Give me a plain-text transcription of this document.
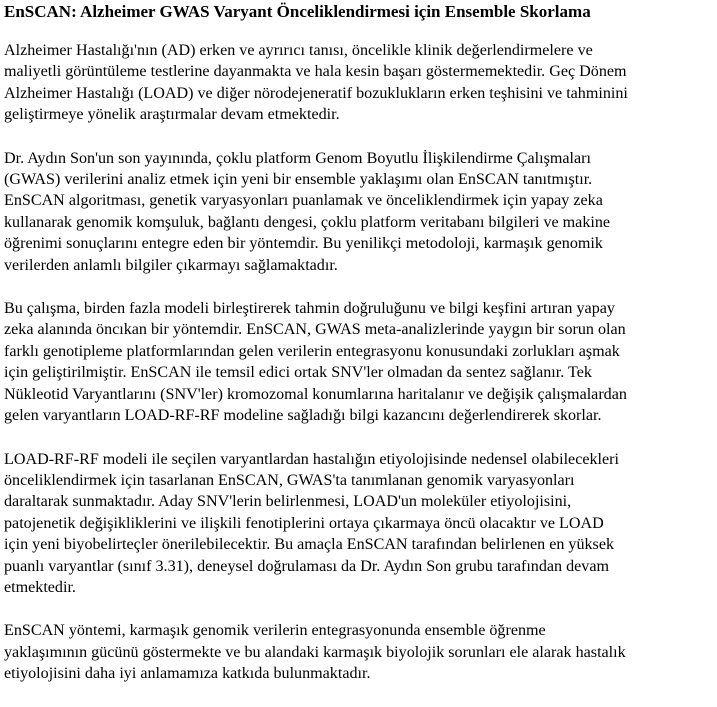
EnSCAN: Alzheimer GWAS Varyant Önceliklendirmesi için Ensemble Skorlama
Alzheimer Hastalığı'nın (AD) erken ve ayrırıcı tanısı, öncelikle klinik değerlendirmelere ve
maliyetli görüntüleme testlerine dayanmakta ve hala kesin başarı göstermemektedir. Geç Dönem
Alzheimer Hastalığı (LOAD) ve diğer nörodejeneratif bozuklukların erken teşhisini ve tahminini
geliştirmeye yönelik araştırmalar devam etmektedir.
Dr. Aydın Son'un son yayınında, çoklu platform Genom Boyutlu İlişkilendirme Çalışmaları
(GWAS) verilerini analiz etmek için yeni bir ensemble yaklaşımı olan EnSCAN tanıtmıştır.
EnSCAN algoritması, genetik varyasyonları puanlamak ve önceliklendirmek için yapay zeka
kullanarak genomik komşuluk, bağlantı dengesi, çoklu platform veritabanı bilgileri ve makine
öğrenimi sonuçlarını entegre eden bir yöntemdir. Bu yenilikçi metodoloji, karmaşık genomik
verilerden anlamlı bilgiler çıkarmayı sağlamaktadır.
Bu çalışma, birden fazla modeli birleştirerek tahmin doğruluğunu ve bilgi keşfini artıran yapay
zeka alanında öncıkan bir yöntemdir. EnSCAN, GWAS meta-analizlerinde yaygın bir sorun olan
farklı genotipleme platformlarından gelen verilerin entegrasyonu konusundaki zorlukları aşmak
için geliştirilmiştir. EnSCAN ile temsil edici ortak SNV'ler olmadan da sentez sağlanır. Tek
Nükleotid Varyantlarını (SNV'ler) kromozomal konumlarına haritalanır ve değişik çalışmalardan
gelen varyantların LOAD-RF-RF modeline sağladığı bilgi kazancını değerlendirerek skorlar.
LOAD-RF-RF modeli ile seçilen varyantlardan hastalığın etiyolojisinde nedensel olabilecekleri
önceliklendirmek için tasarlanan EnSCAN, GWAS'ta tanımlanan genomik varyasyonları
daraltarak sunmaktadır. Aday SNV'lerin belirlenmesi, LOAD'un moleküler etiyolojisini,
patojenetik değişikliklerini ve ilişkili fenotiplerini ortaya çıkarmaya öncü olacaktır ve LOAD
için yeni biyobelirteçler önerilebilecektir. Bu amaçla EnSCAN tarafından belirlenen en yüksek
puanlı varyantlar (sınıf 3.31), deneysel doğrulaması da Dr. Aydın Son grubu tarafından devam
etmektedir.
EnSCAN yöntemi, karmaşık genomik verilerin entegrasyonunda ensemble öğrenme
yaklaşımının gücünü göstermekte ve bu alandaki karmaşık biyolojik sorunları ele alarak hastalık
etiyolojisini daha iyi anlamamıza katkıda bulunmaktadır.
